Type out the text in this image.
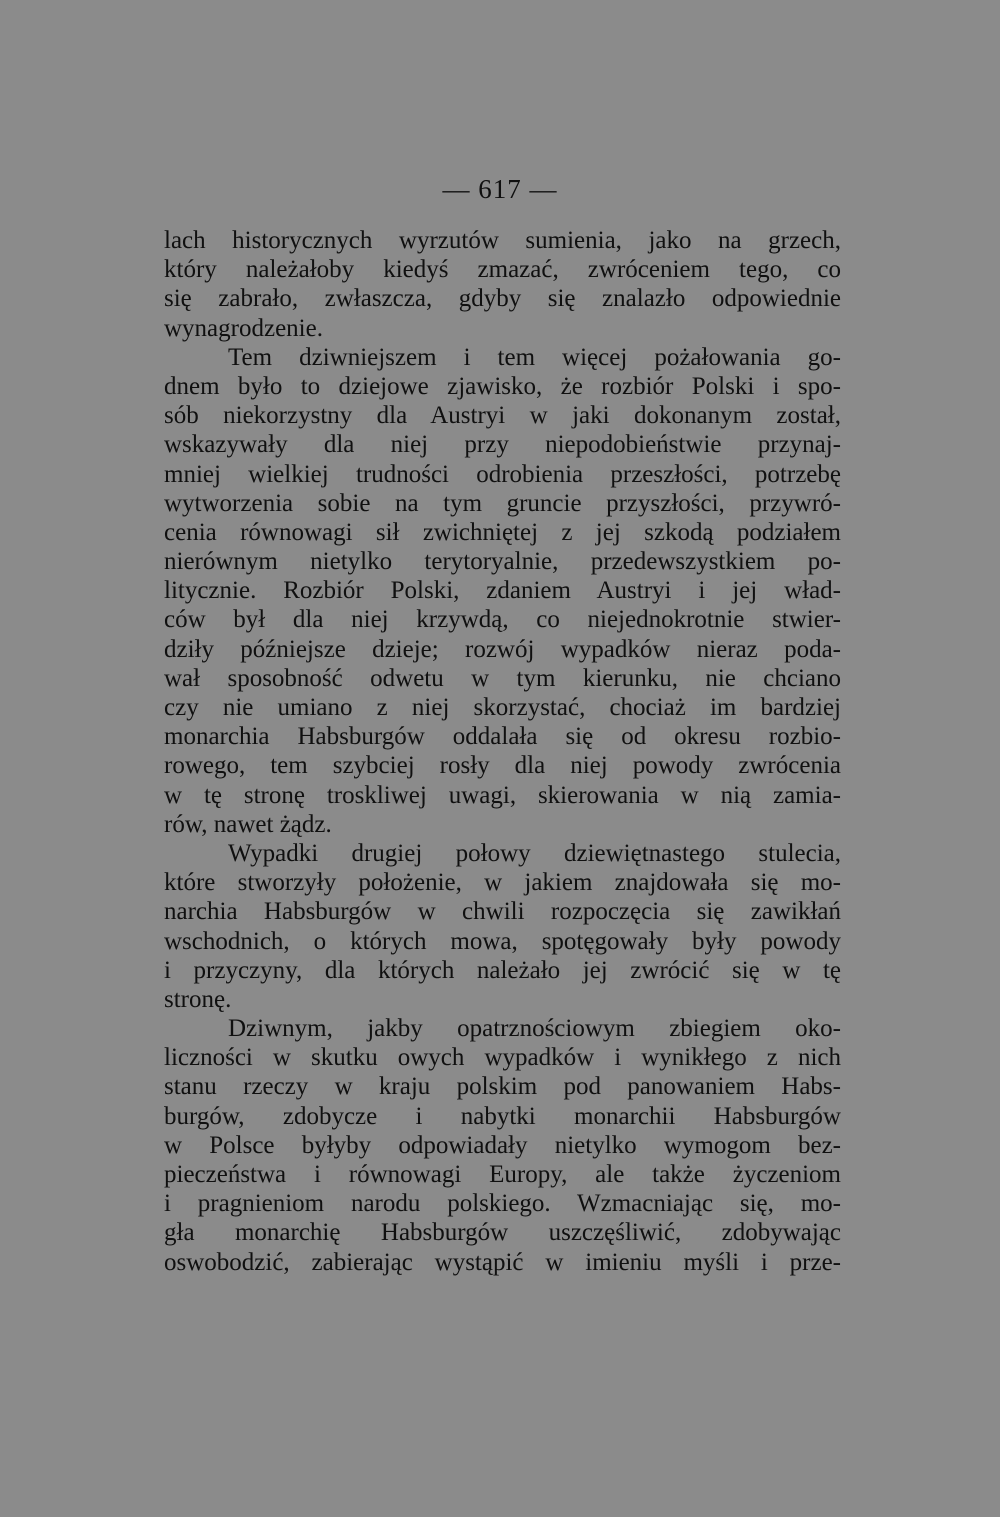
— 617 —
lach historycznych wyrzutów sumienia, jako na grzech,
który należałoby kiedyś zmazać, zwróceniem tego, co
się zabrało, zwłaszcza, gdyby się znalazło odpowiednie
wynagrodzenie.
Tem dziwniejszem i tem więcej pożałowania go-
dnem było to dziejowe zjawisko, że rozbiór Polski i spo-
sób niekorzystny dla Austryi w jaki dokonanym został,
wskazywały dla niej przy niepodobieństwie przynaj-
mniej wielkiej trudności odrobienia przeszłości, potrzebę
wytworzenia sobie na tym gruncie przyszłości, przywró-
cenia równowagi sił zwichniętej z jej szkodą podziałem
nierównym nietylko terytoryalnie, przedewszystkiem po-
litycznie. Rozbiór Polski, zdaniem Austryi i jej wład-
ców był dla niej krzywdą, co niejednokrotnie stwier-
dziły późniejsze dzieje; rozwój wypadków nieraz poda-
wał sposobność odwetu w tym kierunku, nie chciano
czy nie umiano z niej skorzystać, chociaż im bardziej
monarchia Habsburgów oddalała się od okresu rozbio-
rowego, tem szybciej rosły dla niej powody zwrócenia
w tę stronę troskliwej uwagi, skierowania w nią zamia-
rów, nawet żądz.
Wypadki drugiej połowy dziewiętnastego stulecia,
które stworzyły położenie, w jakiem znajdowała się mo-
narchia Habsburgów w chwili rozpoczęcia się zawikłań
wschodnich, o których mowa, spotęgowały były powody
i przyczyny, dla których należało jej zwrócić się w tę
stronę.
Dziwnym, jakby opatrznościowym zbiegiem oko-
liczności w skutku owych wypadków i wynikłego z nich
stanu rzeczy w kraju polskim pod panowaniem Habs-
burgów, zdobycze i nabytki monarchii Habsburgów
w Polsce byłyby odpowiadały nietylko wymogom bez-
pieczeństwa i równowagi Europy, ale także życzeniom
i pragnieniom narodu polskiego. Wzmacniając się, mo-
gła monarchię Habsburgów uszczęśliwić, zdobywając
oswobodzić, zabierając wystąpić w imieniu myśli i prze-
